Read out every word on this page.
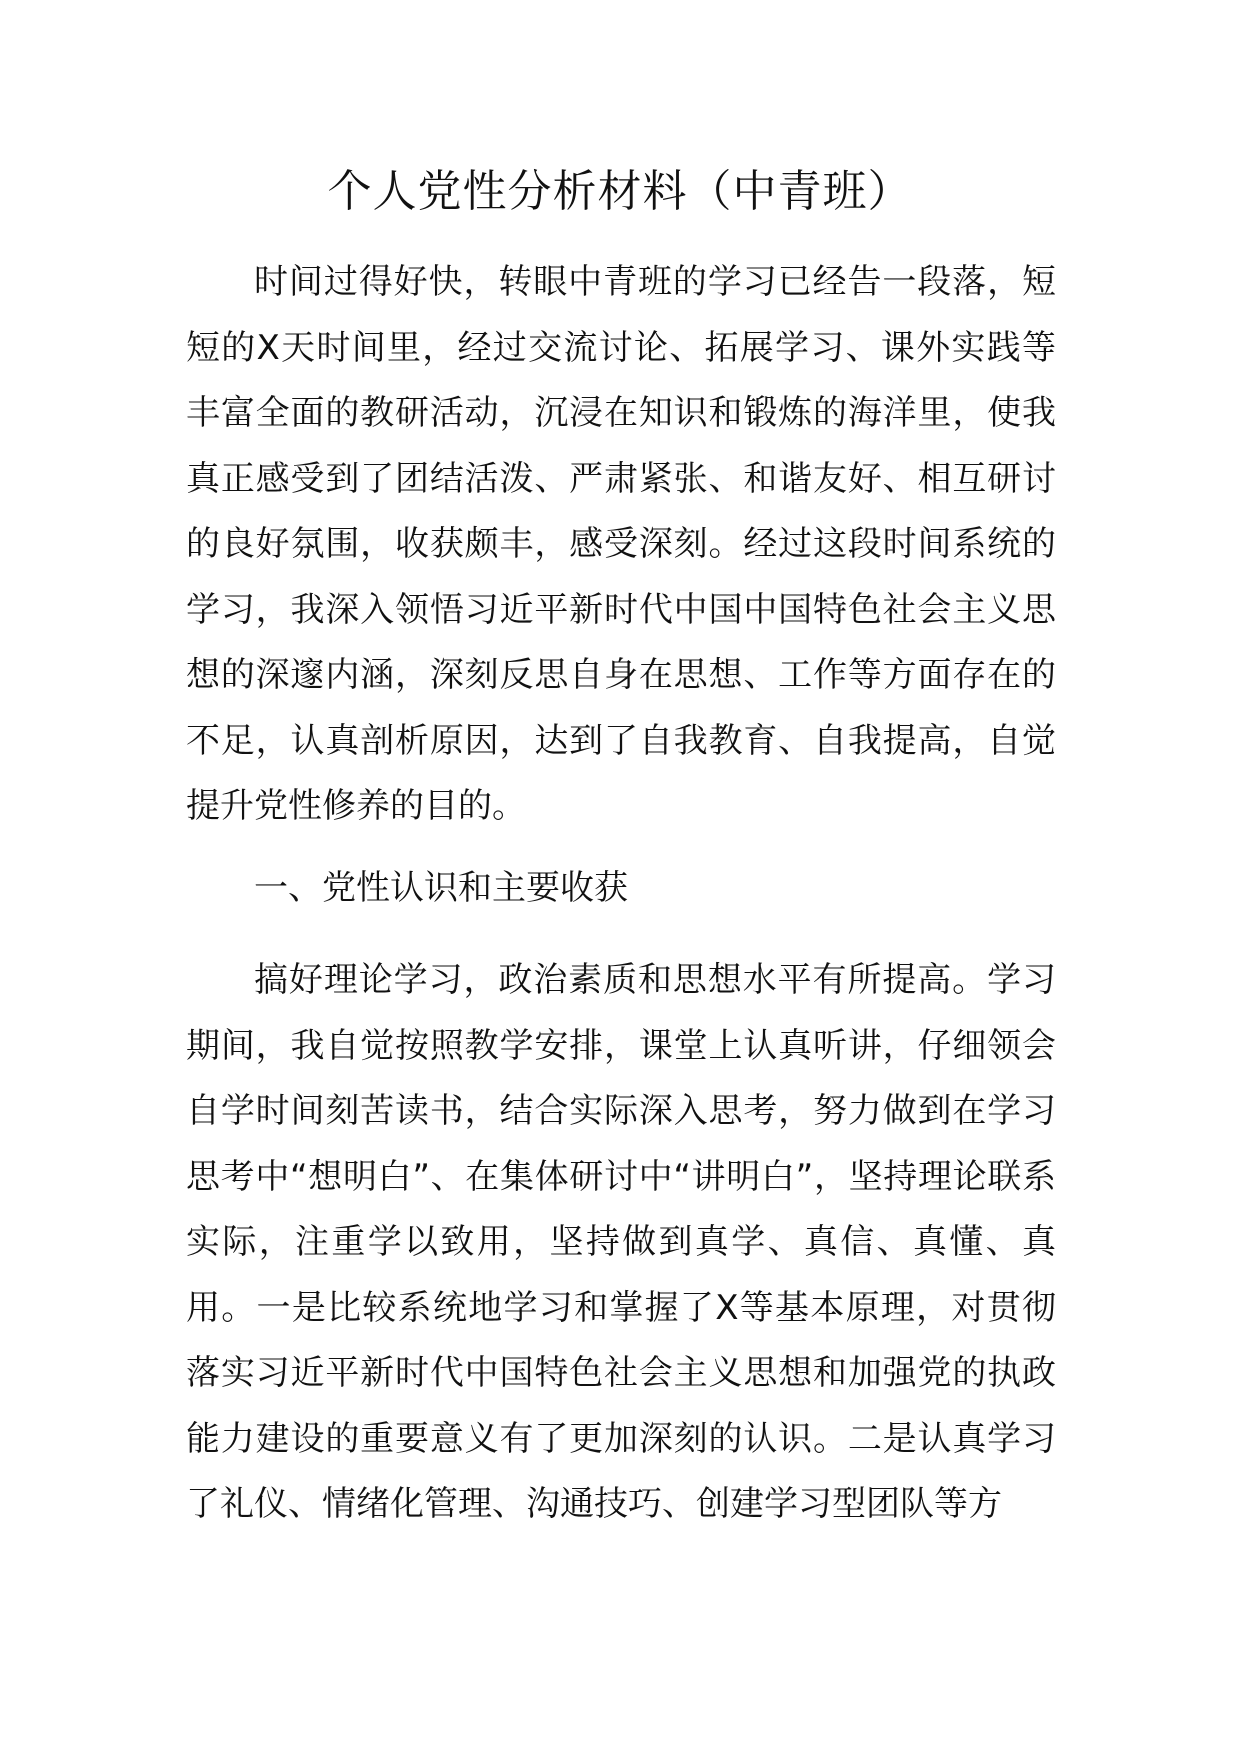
个人党性分析材料（中青班）

时间过得好快，转眼中青班的学习已经告一段落，短短的X天时间里，经过交流讨论、拓展学习、课外实践等丰富全面的教研活动，沉浸在知识和锻炼的海洋里，使我真正感受到了团结活泼、严肃紧张、和谐友好、相互研讨的良好氛围，收获颇丰，感受深刻。经过这段时间系统的学习，我深入领悟习近平新时代中国中国特色社会主义思想的深邃内涵，深刻反思自身在思想、工作等方面存在的不足，认真剖析原因，达到了自我教育、自我提高，自觉提升党性修养的目的。

一、党性认识和主要收获

搞好理论学习，政治素质和思想水平有所提高。学习期间，我自觉按照教学安排，课堂上认真听讲，仔细领会自学时间刻苦读书，结合实际深入思考，努力做到在学习思考中“想明白”、在集体研讨中“讲明白”，坚持理论联系实际，注重学以致用，坚持做到真学、真信、真懂、真用。一是比较系统地学习和掌握了X等基本原理，对贯彻落实习近平新时代中国特色社会主义思想和加强党的执政能力建设的重要意义有了更加深刻的认识。二是认真学习了礼仪、情绪化管理、沟通技巧、创建学习型团队等方
